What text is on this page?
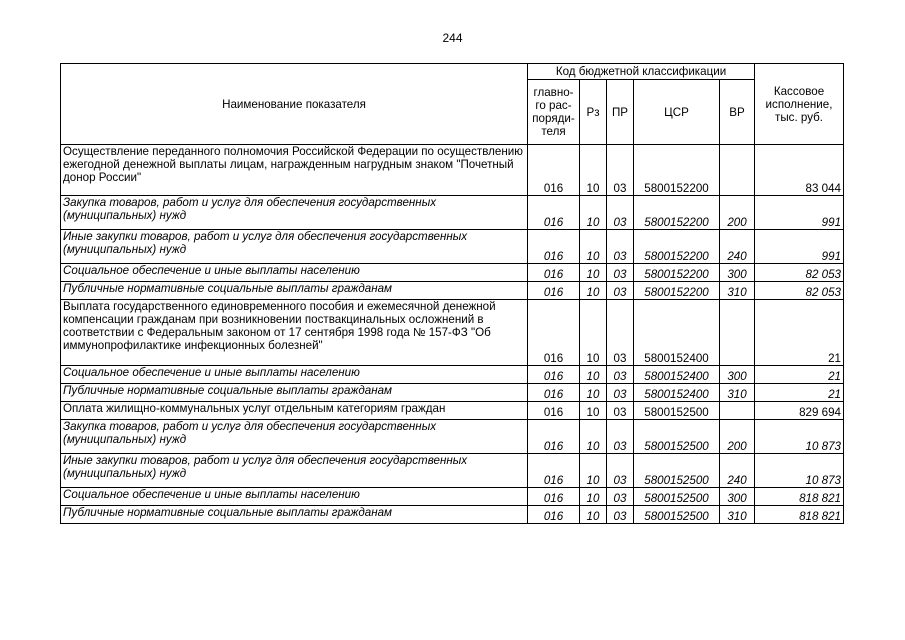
244
Наименование показателя	Код бюджетной классификации					Кассовое исполнение, тыс. руб.
	главно-го рас-поряди-теля	Рз	ПР	ЦСР	ВР	
Осуществление переданного полномочия Российской Федерации по осуществлению ежегодной денежной выплаты лицам, награжденным нагрудным знаком "Почетный донор России"	016	10	03	5800152200		83 044
Закупка товаров, работ и услуг для обеспечения государственных (муниципальных) нужд	016	10	03	5800152200	200	991
Иные закупки товаров, работ и услуг для обеспечения государственных (муниципальных) нужд	016	10	03	5800152200	240	991
Социальное обеспечение и иные выплаты населению	016	10	03	5800152200	300	82 053
Публичные нормативные социальные выплаты гражданам	016	10	03	5800152200	310	82 053
Выплата государственного единовременного пособия и ежемесячной денежной компенсации гражданам при возникновении поствакцинальных осложнений в соответствии с Федеральным законом от 17 сентября 1998 года № 157-ФЗ "Об иммунопрофилактике инфекционных болезней"	016	10	03	5800152400		21
Социальное обеспечение и иные выплаты населению	016	10	03	5800152400	300	21
Публичные нормативные социальные выплаты гражданам	016	10	03	5800152400	310	21
Оплата жилищно-коммунальных услуг отдельным категориям граждан	016	10	03	5800152500		829 694
Закупка товаров, работ и услуг для обеспечения государственных (муниципальных) нужд	016	10	03	5800152500	200	10 873
Иные закупки товаров, работ и услуг для обеспечения государственных (муниципальных) нужд	016	10	03	5800152500	240	10 873
Социальное обеспечение и иные выплаты населению	016	10	03	5800152500	300	818 821
Публичные нормативные социальные выплаты гражданам	016	10	03	5800152500	310	818 821
